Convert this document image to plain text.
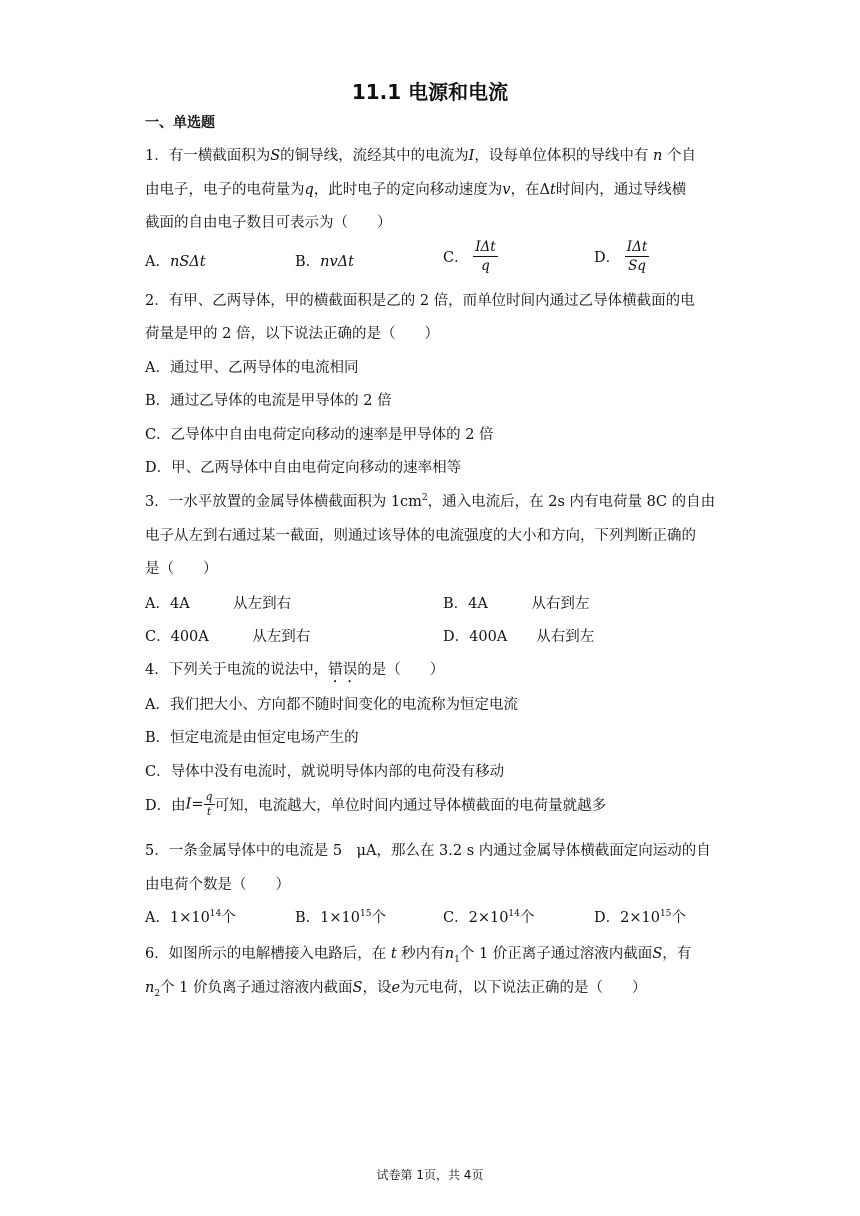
11.1 电源和电流
一、单选题
1．有一横截面积为S的铜导线，流经其中的电流为I，设每单位体积的导线中有 n 个自
由电子，电子的电荷量为q，此时电子的定向移动速度为v，在Δt时间内，通过导线横
截面的自由电子数目可表示为（　　）
A．nSΔt	B．nvΔt	C． $\frac{\text{IΔt}}{q}$	D． $\frac{\text{IΔt}}{Sq}$
2．有甲、乙两导体，甲的横截面积是乙的 2 倍，而单位时间内通过乙导体横截面的电
荷量是甲的 2 倍，以下说法正确的是（　　）
A．通过甲、乙两导体的电流相同
B．通过乙导体的电流是甲导体的 2 倍
C．乙导体中自由电荷定向移动的速率是甲导体的 2 倍
D．甲、乙两导体中自由电荷定向移动的速率相等
3．一水平放置的金属导体横截面积为 $1cm^2$，通入电流后，在 2s 内有电荷量 8C 的自由
电子从左到右通过某一截面，则通过该导体的电流强度的大小和方向，下列判断正确的
是（　　）
A．4A　　　从左到右	B．4A　　　从右到左
C．400A　　　从左到右	D．400A　　从右到左
4．下列关于电流的说法中，错误的是（　　）
A．我们把大小、方向都不随时间变化的电流称为恒定电流
B．恒定电流是由恒定电场产生的
C．导体中没有电流时，就说明导体内部的电荷没有移动
D．由$I= \frac{q}{t}$ 可知，电流越大，单位时间内通过导体横截面的电荷量就越多
5．一条金属导体中的电流是 5　μA，那么在 3.2 s 内通过金属导体横截面定向运动的自
由电荷个数是（　　）
A．$1\times 10^{14}$个	B．$1\times 10^{15}$个	C．$2\times 10^{14}$个	D．$2\times 10^{15}$个
6．如图所示的电解槽接入电路后，在 t 秒内有$n_1$个 1 价正离子通过溶液内截面S，有
$n_2$个 1 价负离子通过溶液内截面S，设e为元电荷，以下说法正确的是（　　）
试卷第 1页，共 4页
